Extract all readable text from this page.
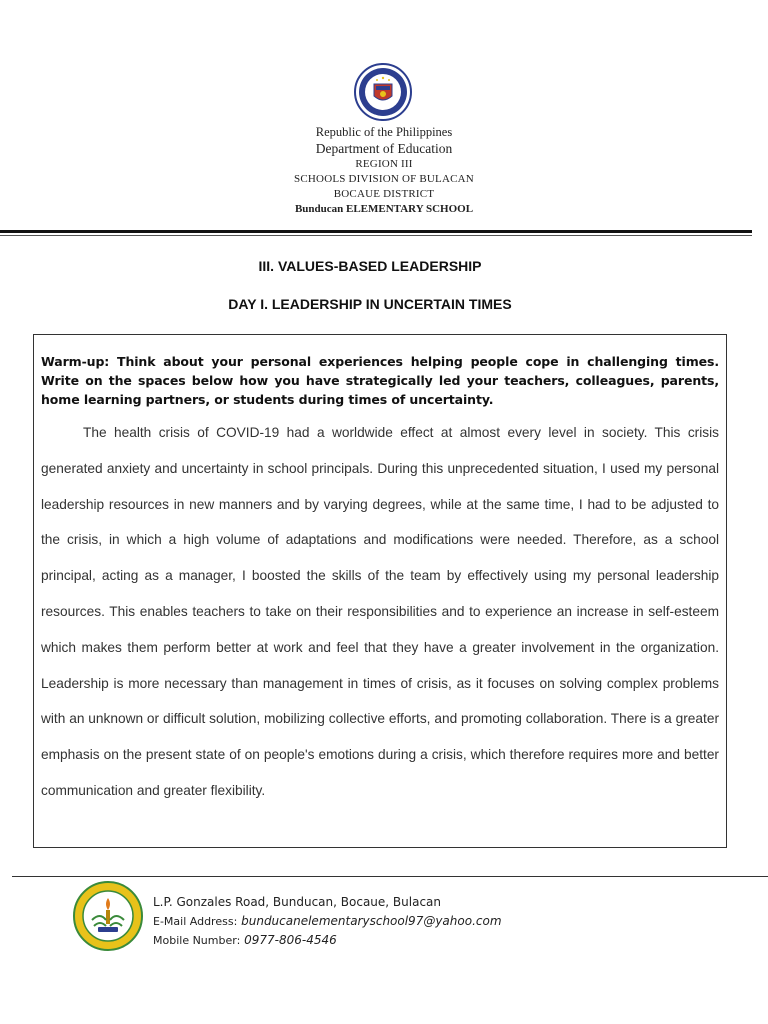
Republic of the Philippines
Department of Education
REGION III
SCHOOLS DIVISION OF BULACAN
BOCAUE DISTRICT
Bunducan ELEMENTARY SCHOOL
III. VALUES-BASED LEADERSHIP
DAY I. LEADERSHIP IN UNCERTAIN TIMES
Warm-up: Think about your personal experiences helping people cope in challenging times. Write on the spaces below how you have strategically led your teachers, colleagues, parents, home learning partners, or students during times of uncertainty.
The health crisis of COVID-19 had a worldwide effect at almost every level in society. This crisis generated anxiety and uncertainty in school principals. During this unprecedented situation, I used my personal leadership resources in new manners and by varying degrees, while at the same time, I had to be adjusted to the crisis, in which a high volume of adaptations and modifications were needed. Therefore, as a school principal, acting as a manager, I boosted the skills of the team by effectively using my personal leadership resources. This enables teachers to take on their responsibilities and to experience an increase in self-esteem which makes them perform better at work and feel that they have a greater involvement in the organization. Leadership is more necessary than management in times of crisis, as it focuses on solving complex problems with an unknown or difficult solution, mobilizing collective efforts, and promoting collaboration. There is a greater emphasis on the present state of on people's emotions during a crisis, which therefore requires more and better communication and greater flexibility.
L.P. Gonzales Road, Bunducan, Bocaue, Bulacan
E-Mail Address: bunducanelementaryschool97@yahoo.com
Mobile Number: 0977-806-4546
